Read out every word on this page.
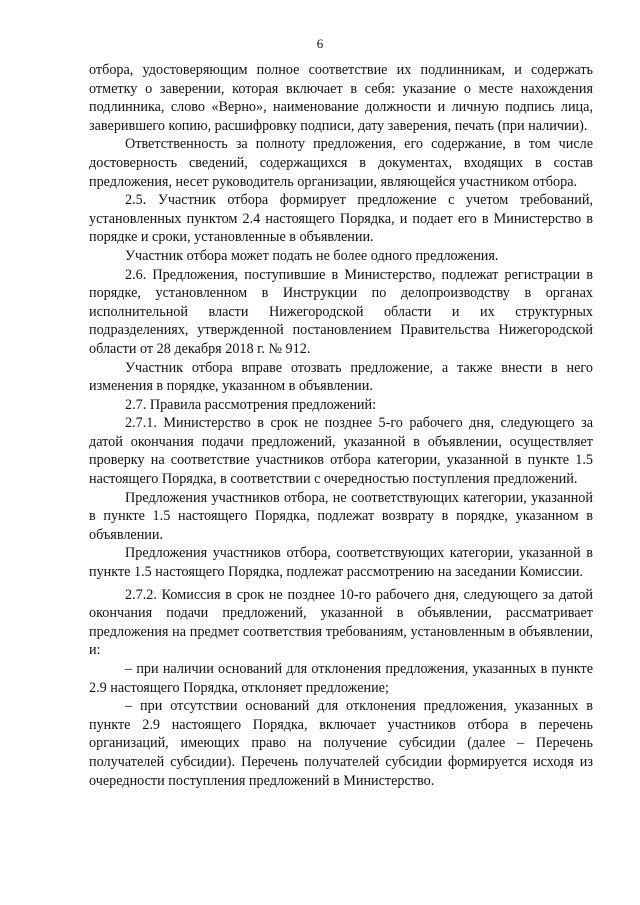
6

отбора, удостоверяющим полное соответствие их подлинникам, и содержать отметку о заверении, которая включает в себя: указание о месте нахождения подлинника, слово «Верно», наименование должности и личную подпись лица, заверившего копию, расшифровку подписи, дату заверения, печать (при наличии).

Ответственность за полноту предложения, его содержание, в том числе достоверность сведений, содержащихся в документах, входящих в состав предложения, несет руководитель организации, являющейся участником отбора.

2.5. Участник отбора формирует предложение с учетом требований, установленных пунктом 2.4 настоящего Порядка, и подает его в Министерство в порядке и сроки, установленные в объявлении.

Участник отбора может подать не более одного предложения.

2.6. Предложения, поступившие в Министерство, подлежат регистрации в порядке, установленном в Инструкции по делопроизводству в органах исполнительной власти Нижегородской области и их структурных подразделениях, утвержденной постановлением Правительства Нижегородской области от 28 декабря 2018 г. № 912.

Участник отбора вправе отозвать предложение, а также внести в него изменения в порядке, указанном в объявлении.

2.7. Правила рассмотрения предложений:

2.7.1. Министерство в срок не позднее 5-го рабочего дня, следующего за датой окончания подачи предложений, указанной в объявлении, осуществляет проверку на соответствие участников отбора категории, указанной в пункте 1.5 настоящего Порядка, в соответствии с очередностью поступления предложений.

Предложения участников отбора, не соответствующих категории, указанной в пункте 1.5 настоящего Порядка, подлежат возврату в порядке, указанном в объявлении.

Предложения участников отбора, соответствующих категории, указанной в пункте 1.5 настоящего Порядка, подлежат рассмотрению на заседании Комиссии.

2.7.2. Комиссия в срок не позднее 10-го рабочего дня, следующего за датой окончания подачи предложений, указанной в объявлении, рассматривает предложения на предмет соответствия требованиям, установленным в объявлении, и:

– при наличии оснований для отклонения предложения, указанных в пункте 2.9 настоящего Порядка, отклоняет предложение;

– при отсутствии оснований для отклонения предложения, указанных в пункте 2.9 настоящего Порядка, включает участников отбора в перечень организаций, имеющих право на получение субсидии (далее – Перечень получателей субсидии). Перечень получателей субсидии формируется исходя из очередности поступления предложений в Министерство.
